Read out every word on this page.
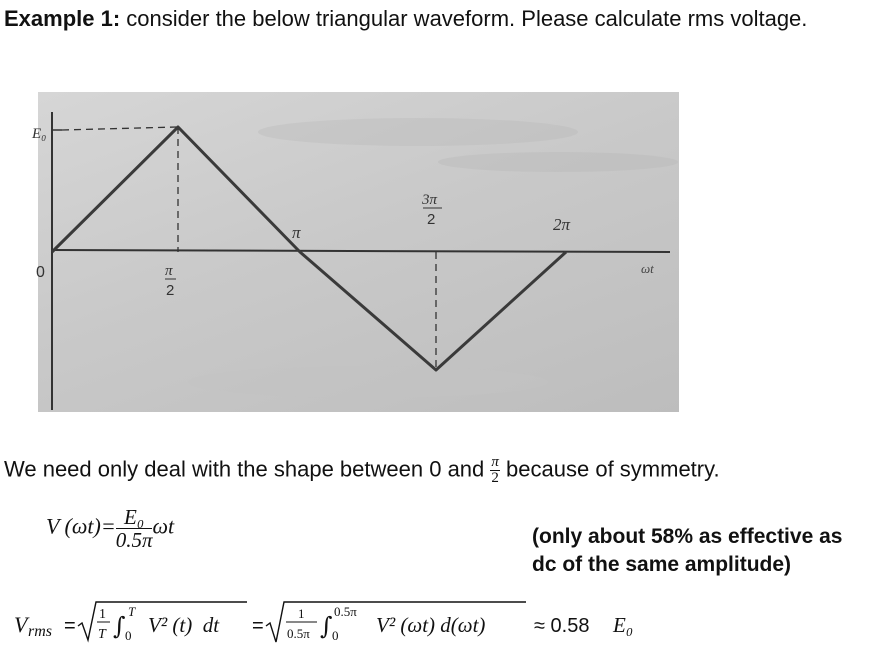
Example 1: consider the below triangular waveform. Please calculate rms voltage.
E₀
0	π
2
π
3π
2	2π
ωt
We need only deal with the shape between 0 and $\frac{\pi}{2}$ because of symmetry.
V $(\omega t)= \frac{\text{E₀}}{0.5\pi}$ ωt	(only about 58% as effective as
dc of the same amplitude)
V rms =
1
T ∫
T
0 V² (t)  dt =
1
0.5π ∫
0.5π
0 V² (ωt) d(ωt) ≈ 0.58 E₀
